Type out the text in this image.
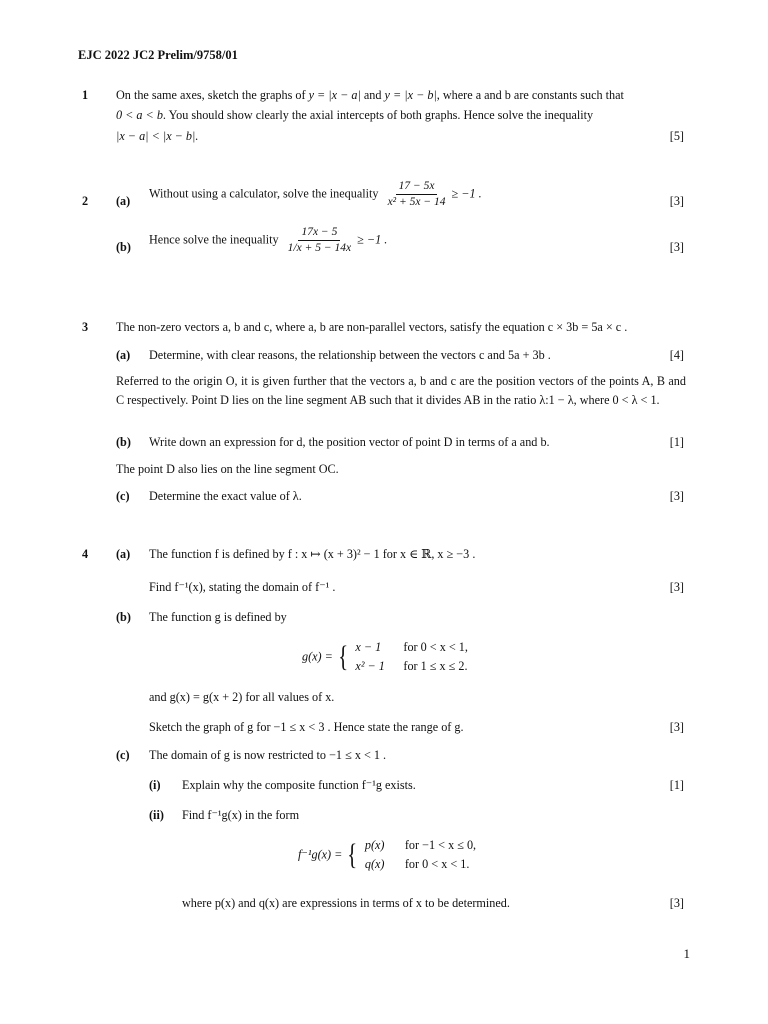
EJC 2022 JC2 Prelim/9758/01
1 On the same axes, sketch the graphs of y = |x − a| and y = |x − b|, where a and b are constants such that
0 < a < b. You should show clearly the axial intercepts of both graphs. Hence solve the inequality
|x − a| < |x − b|.	[5]
2 (a)
Without using a calculator, solve the inequality $\frac{17 - 5x}{\text{x² + 5x − 14}} \ge -1$ .
[3]
(b)
Hence solve the inequality $\frac{17x - 5}{1/x + 5 - 14x} \ge -1$ .
[3]
3 The non-zero vectors a, b and c, where a, b are non-parallel vectors, satisfy the equation c × 3b = 5a × c .
(a) Determine, with clear reasons, the relationship between the vectors c and 5a + 3b .	[4]
Referred to the origin O, it is given further that the vectors a, b and c are the position vectors of the points A, B and C respectively. Point D lies on the line segment AB such that it divides AB in the ratio λ:1 − λ, where 0 < λ < 1.
(b) Write down an expression for d, the position vector of point D in terms of a and b.	[1]
The point D also lies on the line segment OC.
(c) Determine the exact value of λ.	[3]
4 (a) The function f is defined by f : x ↦ (x + 3)² − 1 for x ∈ ℝ, x ≥ −3 .
Find f⁻¹(x), stating the domain of f⁻¹ .	[3]
(b) The function g is defined by
g(x) = { x − 1 for 0 < x < 1,
x² − 1 for 1 ≤ x ≤ 2.
and g(x) = g(x + 2) for all values of x.
Sketch the graph of g for −1 ≤ x < 3 . Hence state the range of g.	[3]
(c) The domain of g is now restricted to −1 ≤ x < 1 .
(i) Explain why the composite function f⁻¹g exists.	[1]
(ii) Find f⁻¹g(x) in the form
f⁻¹g(x) = { p(x) for −1 < x ≤ 0,
q(x) for 0 < x < 1.
where p(x) and q(x) are expressions in terms of x to be determined.	[3]
1
